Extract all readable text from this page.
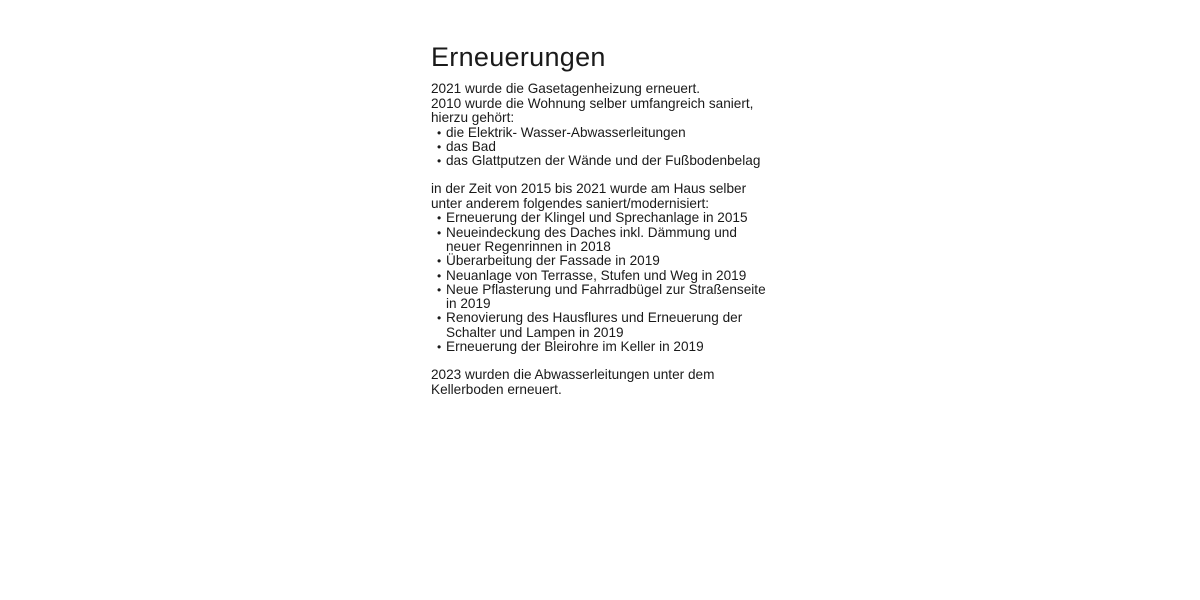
Erneuerungen

2021 wurde die Gasetagenheizung erneuert.

2010 wurde die Wohnung selber umfangreich saniert, hierzu gehört:

• die Elektrik- Wasser-Abwasserleitungen
• das Bad
• das Glattputzen der Wände und der Fußbodenbelag

in der Zeit von 2015 bis 2021 wurde am Haus selber unter anderem folgendes saniert/modernisiert:

• Erneuerung der Klingel und Sprechanlage in 2015
• Neueindeckung des Daches inkl. Dämmung und neuer Regenrinnen in 2018
• Überarbeitung der Fassade in 2019
• Neuanlage von Terrasse, Stufen und Weg in 2019
• Neue Pflasterung und Fahrradbügel zur Straßenseite in 2019
• Renovierung des Hausflures und Erneuerung der Schalter und Lampen in 2019
• Erneuerung der Bleirohre im Keller in 2019

2023 wurden die Abwasserleitungen unter dem Kellerboden erneuert.
